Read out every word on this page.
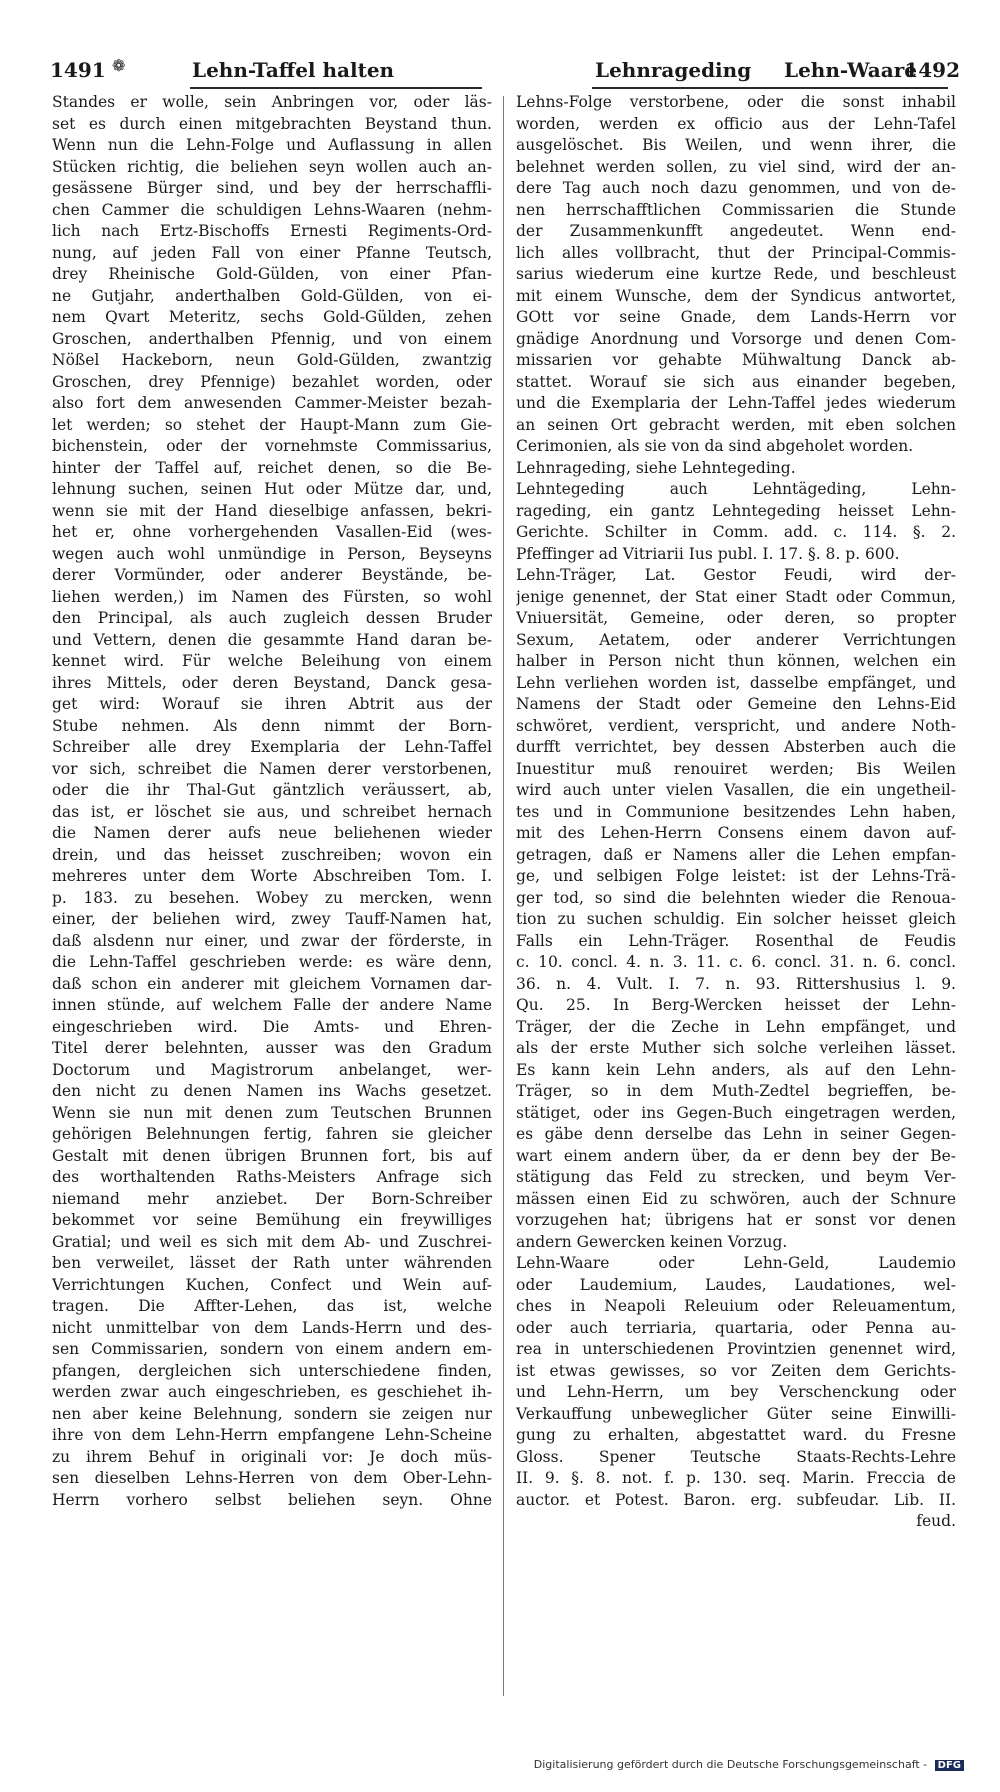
1491 ❁	Lehn-Taffel halten	Lehnrageding Lehn-Waare
1492
Standes er wolle, sein Anbringen vor, oder läs-
set es durch einen mitgebrachten Beystand thun.
Wenn nun die Lehn-Folge und Auflassung in allen
Stücken richtig, die beliehen seyn wollen auch an-
gesässene Bürger sind, und bey der herrschaffli-
chen Cammer die schuldigen Lehns-Waaren (nehm-
lich nach Ertz-Bischoffs Ernesti Regiments-Ord-
nung, auf jeden Fall von einer Pfanne Teutsch,
drey Rheinische Gold-Gülden, von einer Pfan-
ne Gutjahr, anderthalben Gold-Gülden, von ei-
nem Qvart Meteritz, sechs Gold-Gülden, zehen
Groschen, anderthalben Pfennig, und von einem
Nößel Hackeborn, neun Gold-Gülden, zwantzig
Groschen, drey Pfennige) bezahlet worden, oder
also fort dem anwesenden Cammer-Meister bezah-
let werden; so stehet der Haupt-Mann zum Gie-
bichenstein, oder der vornehmste Commissarius,
hinter der Taffel auf, reichet denen, so die Be-
lehnung suchen, seinen Hut oder Mütze dar, und,
wenn sie mit der Hand dieselbige anfassen, bekri-
het er, ohne vorhergehenden Vasallen-Eid (wes-
wegen auch wohl unmündige in Person, Beyseyns
derer Vormünder, oder anderer Beystände, be-
liehen werden,) im Namen des Fürsten, so wohl
den Principal, als auch zugleich dessen Bruder
und Vettern, denen die gesammte Hand daran be-
kennet wird. Für welche Beleihung von einem
ihres Mittels, oder deren Beystand, Danck gesa-
get wird: Worauf sie ihren Abtrit aus der
Stube nehmen. Als denn nimmt der Born-
Schreiber alle drey Exemplaria der Lehn-Taffel
vor sich, schreibet die Namen derer verstorbenen,
oder die ihr Thal-Gut gäntzlich veräussert, ab,
das ist, er löschet sie aus, und schreibet hernach
die Namen derer aufs neue beliehenen wieder
drein, und das heisset zuschreiben; wovon ein
mehreres unter dem Worte Abschreiben Tom. I.
p. 183. zu besehen. Wobey zu mercken, wenn
einer, der beliehen wird, zwey Tauff-Namen hat,
daß alsdenn nur einer, und zwar der förderste, in
die Lehn-Taffel geschrieben werde: es wäre denn,
daß schon ein anderer mit gleichem Vornamen dar-
innen stünde, auf welchem Falle der andere Name
eingeschrieben wird. Die Amts- und Ehren-
Titel derer belehnten, ausser was den Gradum
Doctorum und Magistrorum anbelanget, wer-
den nicht zu denen Namen ins Wachs gesetzet.
Wenn sie nun mit denen zum Teutschen Brunnen
gehörigen Belehnungen fertig, fahren sie gleicher
Gestalt mit denen übrigen Brunnen fort, bis auf
des worthaltenden Raths-Meisters Anfrage sich
niemand mehr anziebet. Der Born-Schreiber
bekommet vor seine Bemühung ein freywilliges
Gratial; und weil es sich mit dem Ab- und Zuschrei-
ben verweilet, lässet der Rath unter währenden
Verrichtungen Kuchen, Confect und Wein auf-
tragen. Die Affter-Lehen, das ist, welche
nicht unmittelbar von dem Lands-Herrn und des-
sen Commissarien, sondern von einem andern em-
pfangen, dergleichen sich unterschiedene finden,
werden zwar auch eingeschrieben, es geschiehet ih-
nen aber keine Belehnung, sondern sie zeigen nur
ihre von dem Lehn-Herrn empfangene Lehn-Scheine
zu ihrem Behuf in originali vor: Je doch müs-
sen dieselben Lehns-Herren von dem Ober-Lehn-
Herrn vorhero selbst beliehen seyn. Ohne
Lehns-Folge verstorbene, oder die sonst inhabil
worden, werden ex officio aus der Lehn-Tafel
ausgelöschet. Bis Weilen, und wenn ihrer, die
belehnet werden sollen, zu viel sind, wird der an-
dere Tag auch noch dazu genommen, und von de-
nen herrschafftlichen Commissarien die Stunde
der Zusammenkunfft angedeutet. Wenn end-
lich alles vollbracht, thut der Principal-Commis-
sarius wiederum eine kurtze Rede, und beschleust
mit einem Wunsche, dem der Syndicus antwortet,
GOtt vor seine Gnade, dem Lands-Herrn vor
gnädige Anordnung und Vorsorge und denen Com-
missarien vor gehabte Mühwaltung Danck ab-
stattet. Worauf sie sich aus einander begeben,
und die Exemplaria der Lehn-Taffel jedes wiederum
an seinen Ort gebracht werden, mit eben solchen
Cerimonien, als sie von da sind abgeholet worden.
Lehnrageding, siehe Lehntegeding.
Lehntegeding auch Lehntägeding, Lehn-
rageding, ein gantz Lehntegeding heisset Lehn-
Gerichte. Schilter in Comm. add. c. 114. §. 2.
Pfeffinger ad Vitriarii Ius publ. I. 17. §. 8. p. 600.
Lehn-Träger, Lat. Gestor Feudi, wird der-
jenige genennet, der Stat einer Stadt oder Commun,
Vniuersität, Gemeine, oder deren, so propter
Sexum, Aetatem, oder anderer Verrichtungen
halber in Person nicht thun können, welchen ein
Lehn verliehen worden ist, dasselbe empfänget, und
Namens der Stadt oder Gemeine den Lehns-Eid
schwöret, verdient, verspricht, und andere Noth-
durfft verrichtet, bey dessen Absterben auch die
Inuestitur muß renouiret werden; Bis Weilen
wird auch unter vielen Vasallen, die ein ungetheil-
tes und in Communione besitzendes Lehn haben,
mit des Lehen-Herrn Consens einem davon auf-
getragen, daß er Namens aller die Lehen empfan-
ge, und selbigen Folge leistet: ist der Lehns-Trä-
ger tod, so sind die belehnten wieder die Renoua-
tion zu suchen schuldig. Ein solcher heisset gleich
Falls ein Lehn-Träger. Rosenthal de Feudis
c. 10. concl. 4. n. 3. 11. c. 6. concl. 31. n. 6. concl.
36. n. 4. Vult. I. 7. n. 93. Rittershusius l. 9.
Qu. 25. In Berg-Wercken heisset der Lehn-
Träger, der die Zeche in Lehn empfänget, und
als der erste Muther sich solche verleihen lässet.
Es kann kein Lehn anders, als auf den Lehn-
Träger, so in dem Muth-Zedtel begrieffen, be-
stätiget, oder ins Gegen-Buch eingetragen werden,
es gäbe denn derselbe das Lehn in seiner Gegen-
wart einem andern über, da er denn bey der Be-
stätigung das Feld zu strecken, und beym Ver-
mässen einen Eid zu schwören, auch der Schnure
vorzugehen hat; übrigens hat er sonst vor denen
andern Gewercken keinen Vorzug.
Lehn-Waare oder Lehn-Geld, Laudemio
oder Laudemium, Laudes, Laudationes, wel-
ches in Neapoli Releuium oder Releuamentum,
oder auch terriaria, quartaria, oder Penna au-
rea in unterschiedenen Provintzien genennet wird,
ist etwas gewisses, so vor Zeiten dem Gerichts-
und Lehn-Herrn, um bey Verschenckung oder
Verkauffung unbeweglicher Güter seine Einwilli-
gung zu erhalten, abgestattet ward. du Fresne
Gloss. Spener Teutsche Staats-Rechts-Lehre
II. 9. §. 8. not. f. p. 130. seq. Marin. Freccia de
auctor. et Potest. Baron. erg. subfeudar. Lib. II.
feud.
Digitalisierung gefördert durch die Deutsche Forschungsgemeinschaft - DFG
